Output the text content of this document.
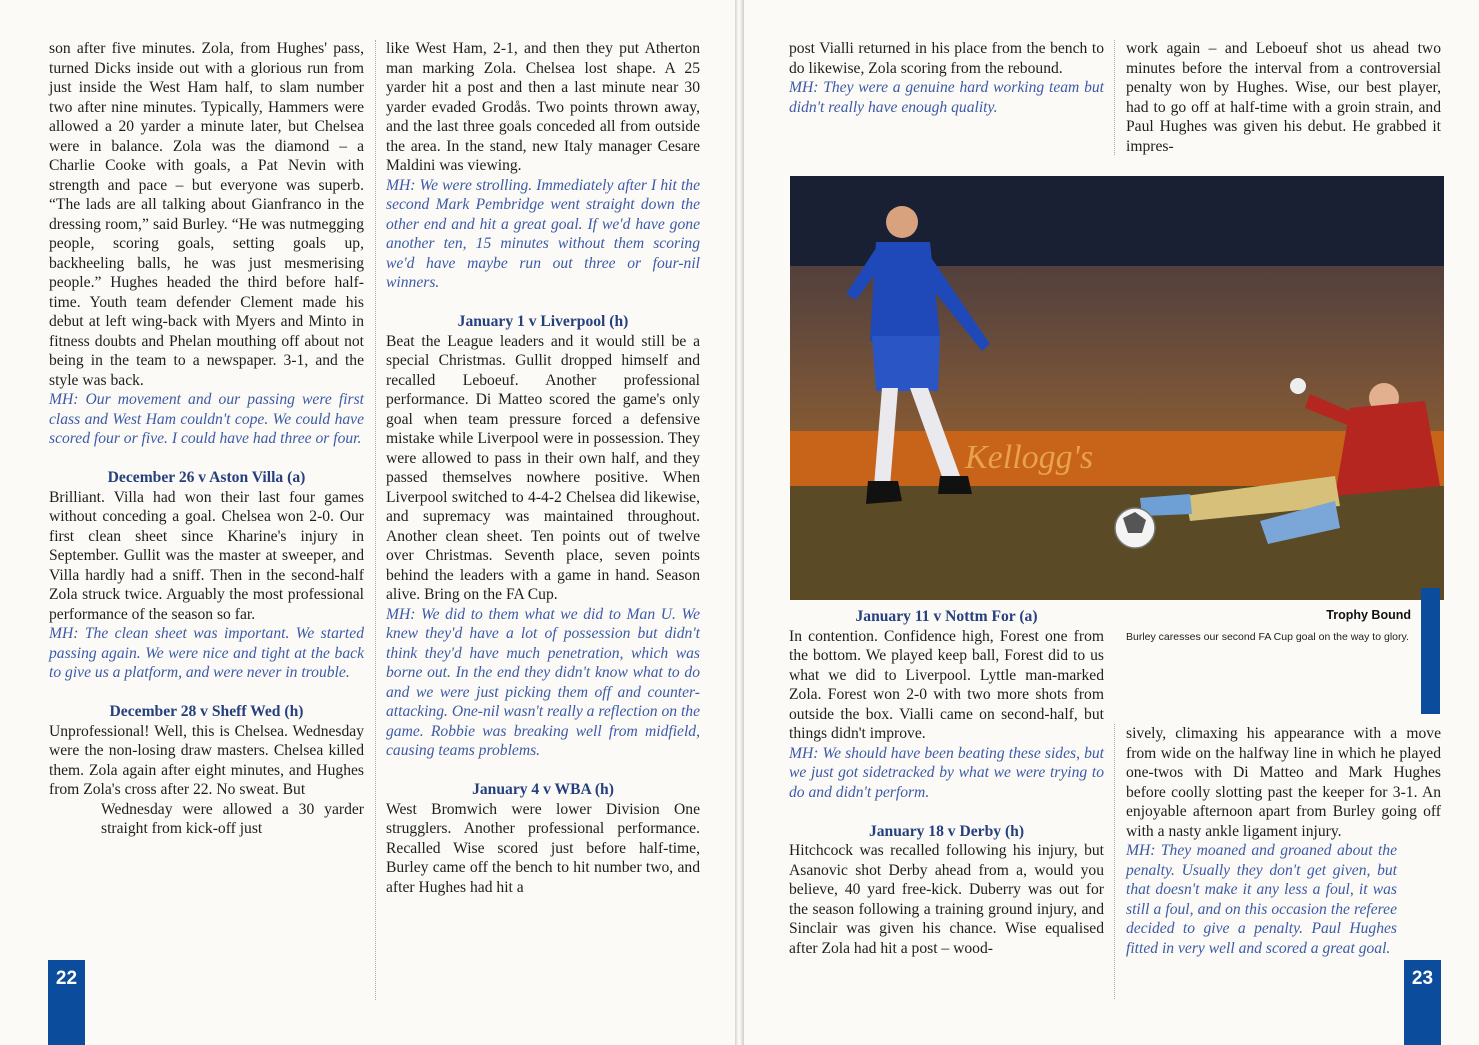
son after five minutes. Zola, from Hughes' pass, turned Dicks inside out with a glorious run from just inside the West Ham half, to slam number two after nine minutes. Typically, Hammers were allowed a 20 yarder a minute later, but Chelsea were in balance. Zola was the diamond – a Charlie Cooke with goals, a Pat Nevin with strength and pace – but everyone was superb. “The lads are all talking about Gianfranco in the dressing room,” said Burley. “He was nutmegging people, scoring goals, setting goals up, backheeling balls, he was just mesmerising people.” Hughes headed the third before half-time. Youth team defender Clement made his debut at left wing-back with Myers and Minto in fitness doubts and Phelan mouthing off about not being in the team to a newspaper. 3-1, and the style was back.

MH: Our movement and our passing were first class and West Ham couldn't cope. We could have scored four or five. I could have had three or four.

December 26 v Aston Villa (a)

Brilliant. Villa had won their last four games without conceding a goal. Chelsea won 2-0. Our first clean sheet since Kharine's injury in September. Gullit was the master at sweeper, and Villa hardly had a sniff. Then in the second-half Zola struck twice. Arguably the most professional performance of the season so far.

MH: The clean sheet was important. We started passing again. We were nice and tight at the back to give us a platform, and were never in trouble.

December 28 v Sheff Wed (h)

Unprofessional! Well, this is Chelsea. Wednesday were the non-losing draw masters. Chelsea killed them. Zola again after eight minutes, and Hughes from Zola's cross after 22. No sweat. But

Wednesday were allowed a 30 yarder straight from kick-off just

like West Ham, 2-1, and then they put Atherton man marking Zola. Chelsea lost shape. A 25 yarder hit a post and then a last minute near 30 yarder evaded Grodås. Two points thrown away, and the last three goals conceded all from outside the area. In the stand, new Italy manager Cesare Maldini was viewing.

MH: We were strolling. Immediately after I hit the second Mark Pembridge went straight down the other end and hit a great goal. If we'd have gone another ten, 15 minutes without them scoring we'd have maybe run out three or four-nil winners.

January 1 v Liverpool (h)

Beat the League leaders and it would still be a special Christmas. Gullit dropped himself and recalled Leboeuf. Another professional performance. Di Matteo scored the game's only goal when team pressure forced a defensive mistake while Liverpool were in possession. They were allowed to pass in their own half, and they passed themselves nowhere positive. When Liverpool switched to 4-4-2 Chelsea did likewise, and supremacy was maintained throughout. Another clean sheet. Ten points out of twelve over Christmas. Seventh place, seven points behind the leaders with a game in hand. Season alive. Bring on the FA Cup.

MH: We did to them what we did to Man U. We knew they'd have a lot of possession but didn't think they'd have much penetration, which was borne out. In the end they didn't know what to do and we were just picking them off and counter-attacking. One-nil wasn't really a reflection on the game. Robbie was breaking well from midfield, causing teams problems.

January 4 v WBA (h)

West Bromwich were lower Division One strugglers. Another professional performance. Recalled Wise scored just before half-time, Burley came off the bench to hit number two, and after Hughes had hit a

22

post Vialli returned in his place from the bench to do likewise, Zola scoring from the rebound.

MH: They were a genuine hard working team but didn't really have enough quality.

work again – and Leboeuf shot us ahead two minutes before the interval from a controversial penalty won by Hughes. Wise, our best player, had to go off at half-time with a groin strain, and Paul Hughes was given his debut. He grabbed it impres-

Kellogg's
Trophy Bound
Burley caresses our second FA Cup goal on the way to glory.
January 11 v Nottm For (a)

In contention. Confidence high, Forest one from the bottom. We played keep ball, Forest did to us what we did to Liverpool. Lyttle man-marked Zola. Forest won 2-0 with two more shots from outside the box. Vialli came on second-half, but things didn't improve.

MH: We should have been beating these sides, but we just got sidetracked by what we were trying to do and didn't perform.

January 18 v Derby (h)

Hitchcock was recalled following his injury, but Asanovic shot Derby ahead from a, would you believe, 40 yard free-kick. Duberry was out for the season following a training ground injury, and Sinclair was given his chance. Wise equalised after Zola had hit a post – wood-

sively, climaxing his appearance with a move from wide on the halfway line in which he played one-twos with Di Matteo and Mark Hughes before coolly slotting past the keeper for 3-1. An enjoyable afternoon apart from Burley going off with a nasty ankle ligament injury.

MH: They moaned and groaned about the penalty. Usually they don't get given, but that doesn't make it any less a foul, it was still a foul, and on this occasion the referee decided to give a penalty. Paul Hughes fitted in very well and scored a great goal.

23
